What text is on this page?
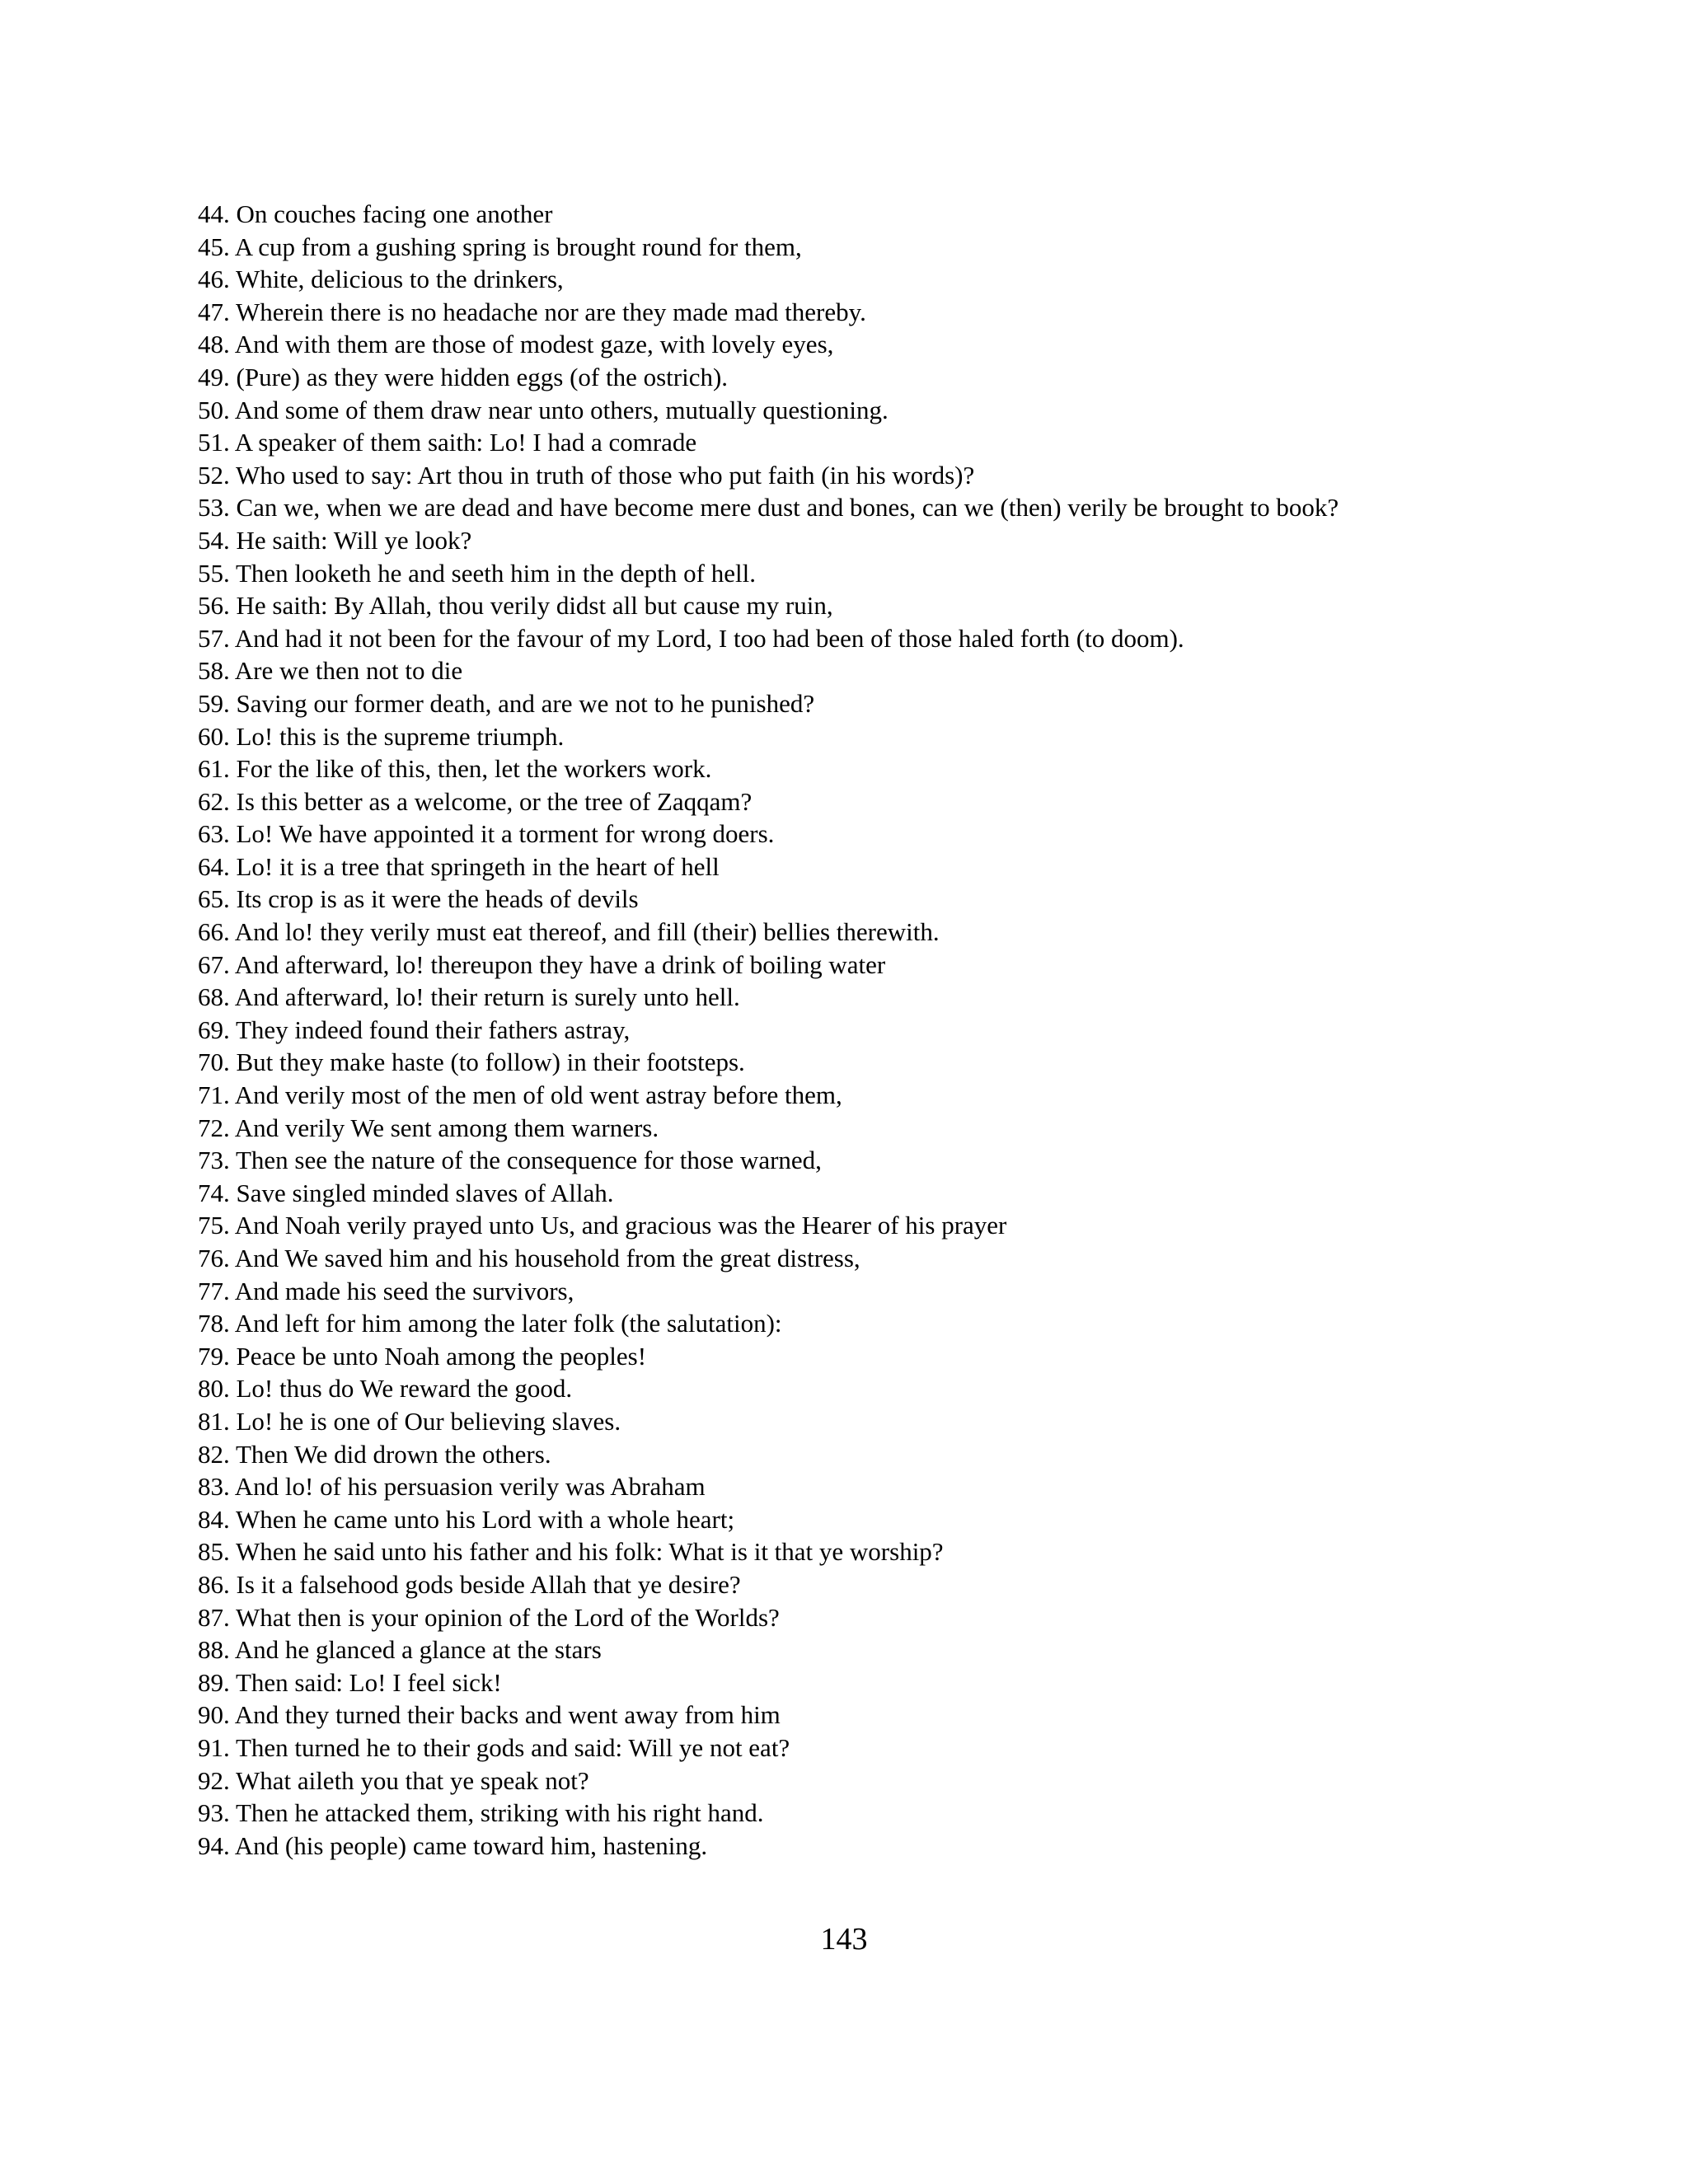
44. On couches facing one another
45. A cup from a gushing spring is brought round for them,
46. White, delicious to the drinkers,
47. Wherein there is no headache nor are they made mad thereby.
48. And with them are those of modest gaze, with lovely eyes,
49. (Pure) as they were hidden eggs (of the ostrich).
50. And some of them draw near unto others, mutually questioning.
51. A speaker of them saith: Lo! I had a comrade
52. Who used to say: Art thou in truth of those who put faith (in his words)?
53. Can we, when we are dead and have become mere dust and bones, can we (then) verily be brought to book?
54. He saith: Will ye look?
55. Then looketh he and seeth him in the depth of hell.
56. He saith: By Allah, thou verily didst all but cause my ruin,
57. And had it not been for the favour of my Lord, I too had been of those haled forth (to doom).
58. Are we then not to die
59. Saving our former death, and are we not to he punished?
60. Lo! this is the supreme triumph.
61. For the like of this, then, let the workers work.
62. Is this better as a welcome, or the tree of Zaqqam?
63. Lo! We have appointed it a torment for wrong doers.
64. Lo! it is a tree that springeth in the heart of hell
65. Its crop is as it were the heads of devils
66. And lo! they verily must eat thereof, and fill (their) bellies therewith.
67. And afterward, lo! thereupon they have a drink of boiling water
68. And afterward, lo! their return is surely unto hell.
69. They indeed found their fathers astray,
70. But they make haste (to follow) in their footsteps.
71. And verily most of the men of old went astray before them,
72. And verily We sent among them warners.
73. Then see the nature of the consequence for those warned,
74. Save singled minded slaves of Allah.
75. And Noah verily prayed unto Us, and gracious was the Hearer of his prayer
76. And We saved him and his household from the great distress,
77. And made his seed the survivors,
78. And left for him among the later folk (the salutation):
79. Peace be unto Noah among the peoples!
80. Lo! thus do We reward the good.
81. Lo! he is one of Our believing slaves.
82. Then We did drown the others.
83. And lo! of his persuasion verily was Abraham
84. When he came unto his Lord with a whole heart;
85. When he said unto his father and his folk: What is it that ye worship?
86. Is it a falsehood gods beside Allah that ye desire?
87. What then is your opinion of the Lord of the Worlds?
88. And he glanced a glance at the stars
89. Then said: Lo! I feel sick!
90. And they turned their backs and went away from him
91. Then turned he to their gods and said: Will ye not eat?
92. What aileth you that ye speak not?
93. Then he attacked them, striking with his right hand.
94. And (his people) came toward him, hastening.
143
